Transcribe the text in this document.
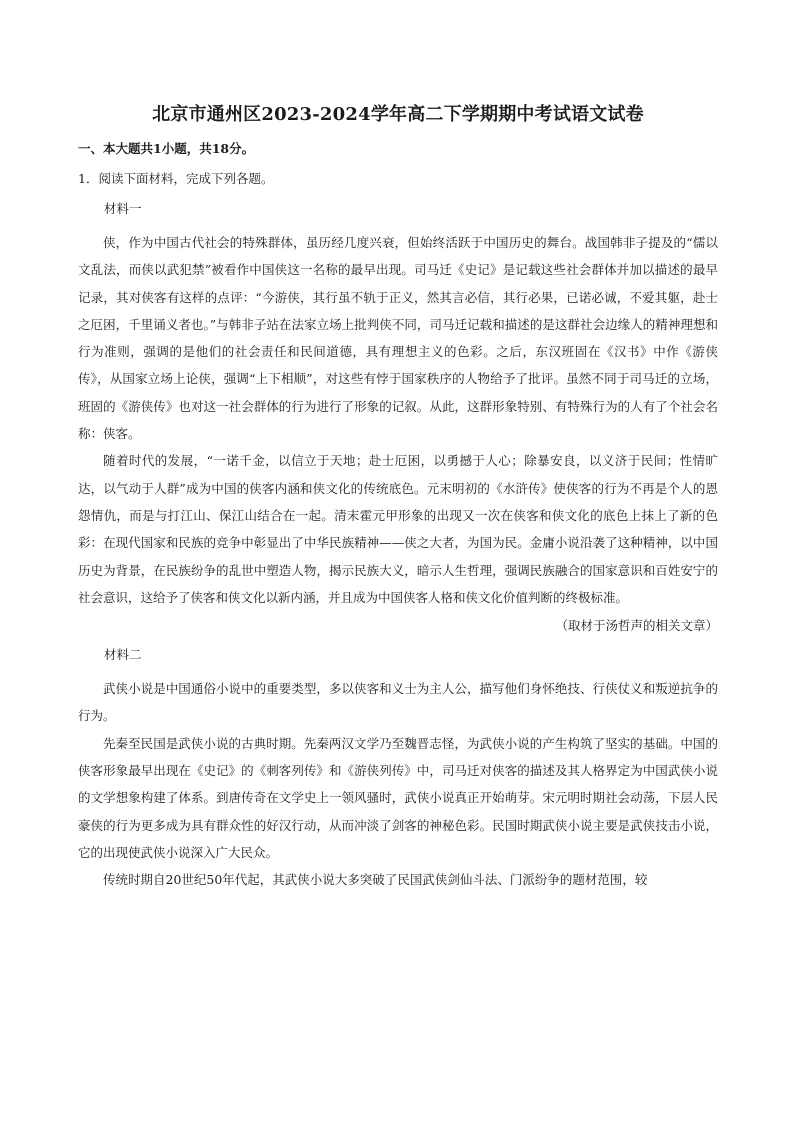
北京市通州区2023-2024学年高二下学期期中考试语文试卷
一、本大题共1小题，共18分。
1．阅读下面材料，完成下列各题。
材料一

侠，作为中国古代社会的特殊群体，虽历经几度兴衰，但始终活跃于中国历史的舞台。战国韩非子提及的“儒以文乱法，而侠以武犯禁”被看作中国侠这一名称的最早出现。司马迁《史记》是记载这些社会群体并加以描述的最早记录，其对侠客有这样的点评：“今游侠，其行虽不轨于正义，然其言必信，其行必果，已诺必诚，不爱其躯，赴士之厄困，千里诵义者也。”与韩非子站在法家立场上批判侠不同，司马迁记载和描述的是这群社会边缘人的精神理想和行为准则，强调的是他们的社会责任和民间道德，具有理想主义的色彩。之后，东汉班固在《汉书》中作《游侠传》，从国家立场上论侠，强调“上下相顺”，对这些有悖于国家秩序的人物给予了批评。虽然不同于司马迁的立场，班固的《游侠传》也对这一社会群体的行为进行了形象的记叙。从此，这群形象特别、有特殊行为的人有了个社会名称：侠客。

随着时代的发展，“一诺千金，以信立于天地；赴士厄困，以勇撼于人心；除暴安良，以义济于民间；性情旷达，以气动于人群”成为中国的侠客内涵和侠文化的传统底色。元末明初的《水浒传》使侠客的行为不再是个人的恩怨情仇，而是与打江山、保江山结合在一起。清末霍元甲形象的出现又一次在侠客和侠文化的底色上抹上了新的色彩：在现代国家和民族的竞争中彰显出了中华民族精神——侠之大者，为国为民。金庸小说沿袭了这种精神，以中国历史为背景，在民族纷争的乱世中塑造人物，揭示民族大义，暗示人生哲理，强调民族融合的国家意识和百姓安宁的社会意识，这给予了侠客和侠文化以新内涵，并且成为中国侠客人格和侠文化价值判断的终极标准。

（取材于汤哲声的相关文章）
材料二

武侠小说是中国通俗小说中的重要类型，多以侠客和义士为主人公，描写他们身怀绝技、行侠仗义和叛逆抗争的行为。

先秦至民国是武侠小说的古典时期。先秦两汉文学乃至魏晋志怪，为武侠小说的产生构筑了坚实的基础。中国的侠客形象最早出现在《史记》的《刺客列传》和《游侠列传》中，司马迁对侠客的描述及其人格界定为中国武侠小说的文学想象构建了体系。到唐传奇在文学史上一领风骚时，武侠小说真正开始萌芽。宋元明时期社会动荡，下层人民豪侠的行为更多成为具有群众性的好汉行动，从而冲淡了剑客的神秘色彩。民国时期武侠小说主要是武侠技击小说，它的出现使武侠小说深入广大民众。

传统时期自20世纪50年代起，其武侠小说大多突破了民国武侠剑仙斗法、门派纷争的题材范围，较
